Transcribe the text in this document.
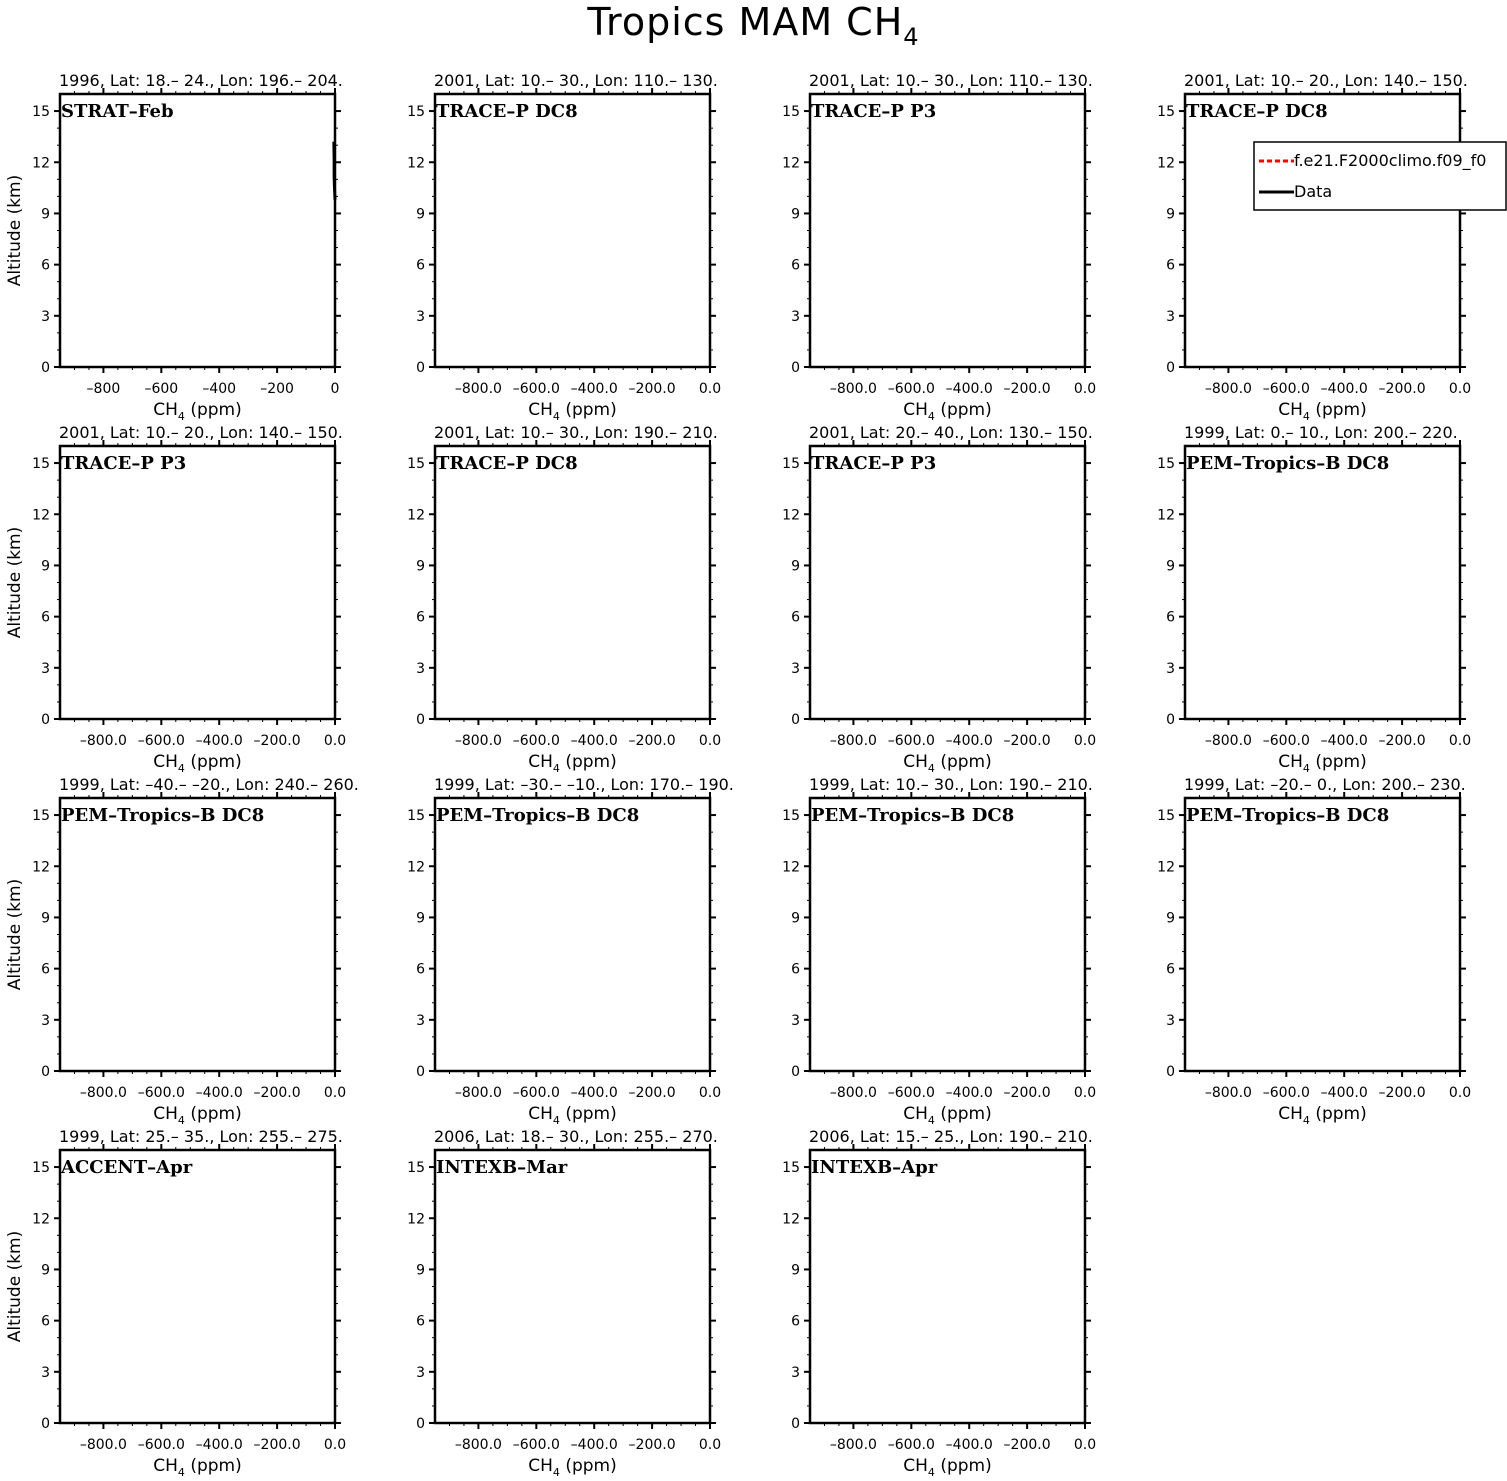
Tropics MAM $CH_4$
0
3
6
9
12
15
–800 –600 –400 –200	0
$CH_4$ (ppm)
Altitude (km)
1996, Lat: 18.– 24., Lon: 196.– 204.
STRAT–Feb
0
3
6
9
12
15
–800.0 –600.0 –400.0 –200.0 0.0
$CH_4$ (ppm)
2001, Lat: 10.– 30., Lon: 110.– 130.
TRACE–P DC8
0
3
6
9
12
15
–800.0 –600.0 –400.0 –200.0 0.0
$CH_4$ (ppm)
2001, Lat: 10.– 30., Lon: 110.– 130.
TRACE–P P3
0
3
6
9
12
15
–800.0 –600.0 –400.0 –200.0 0.0
$CH_4$ (ppm)
2001, Lat: 10.– 20., Lon: 140.– 150.
TRACE–P DC8
f.e21.F2000climo.f09_f0
Data
0
3
6
9
12
15
–800.0 –600.0 –400.0 –200.0 0.0
$CH_4$ (ppm)
Altitude (km)
2001, Lat: 10.– 20., Lon: 140.– 150.
TRACE–P P3
0
3
6
9
12
15
–800.0 –600.0 –400.0 –200.0 0.0
$CH_4$ (ppm)
2001, Lat: 10.– 30., Lon: 190.– 210.
TRACE–P DC8
0
3
6
9
12
15
–800.0 –600.0 –400.0 –200.0 0.0
$CH_4$ (ppm)
2001, Lat: 20.– 40., Lon: 130.– 150.
TRACE–P P3
0
3
6
9
12
15
–800.0 –600.0 –400.0 –200.0 0.0
$CH_4$ (ppm)
1999, Lat: 0.– 10., Lon: 200.– 220.
PEM–Tropics–B DC8
0
3
6
9
12
15
–800.0 –600.0 –400.0 –200.0 0.0
$CH_4$ (ppm)
Altitude (km)
1999, Lat: –40.– –20., Lon: 240.– 260.
PEM–Tropics–B DC8
0
3
6
9
12
15
–800.0 –600.0 –400.0 –200.0 0.0
$CH_4$ (ppm)
1999, Lat: –30.– –10., Lon: 170.– 190.
PEM–Tropics–B DC8
0
3
6
9
12
15
–800.0 –600.0 –400.0 –200.0 0.0
$CH_4$ (ppm)
1999, Lat: 10.– 30., Lon: 190.– 210.
PEM–Tropics–B DC8
0
3
6
9
12
15
–800.0 –600.0 –400.0 –200.0 0.0
$CH_4$ (ppm)
1999, Lat: –20.– 0., Lon: 200.– 230.
PEM–Tropics–B DC8
0
3
6
9
12
15
–800.0 –600.0 –400.0 –200.0 0.0
$CH_4$ (ppm)
Altitude (km)
1999, Lat: 25.– 35., Lon: 255.– 275.
ACCENT–Apr
0
3
6
9
12
15
–800.0 –600.0 –400.0 –200.0 0.0
$CH_4$ (ppm)
2006, Lat: 18.– 30., Lon: 255.– 270.
INTEXB–Mar
0
3
6
9
12
15
–800.0 –600.0 –400.0 –200.0 0.0
$CH_4$ (ppm)
2006, Lat: 15.– 25., Lon: 190.– 210.
INTEXB–Apr
